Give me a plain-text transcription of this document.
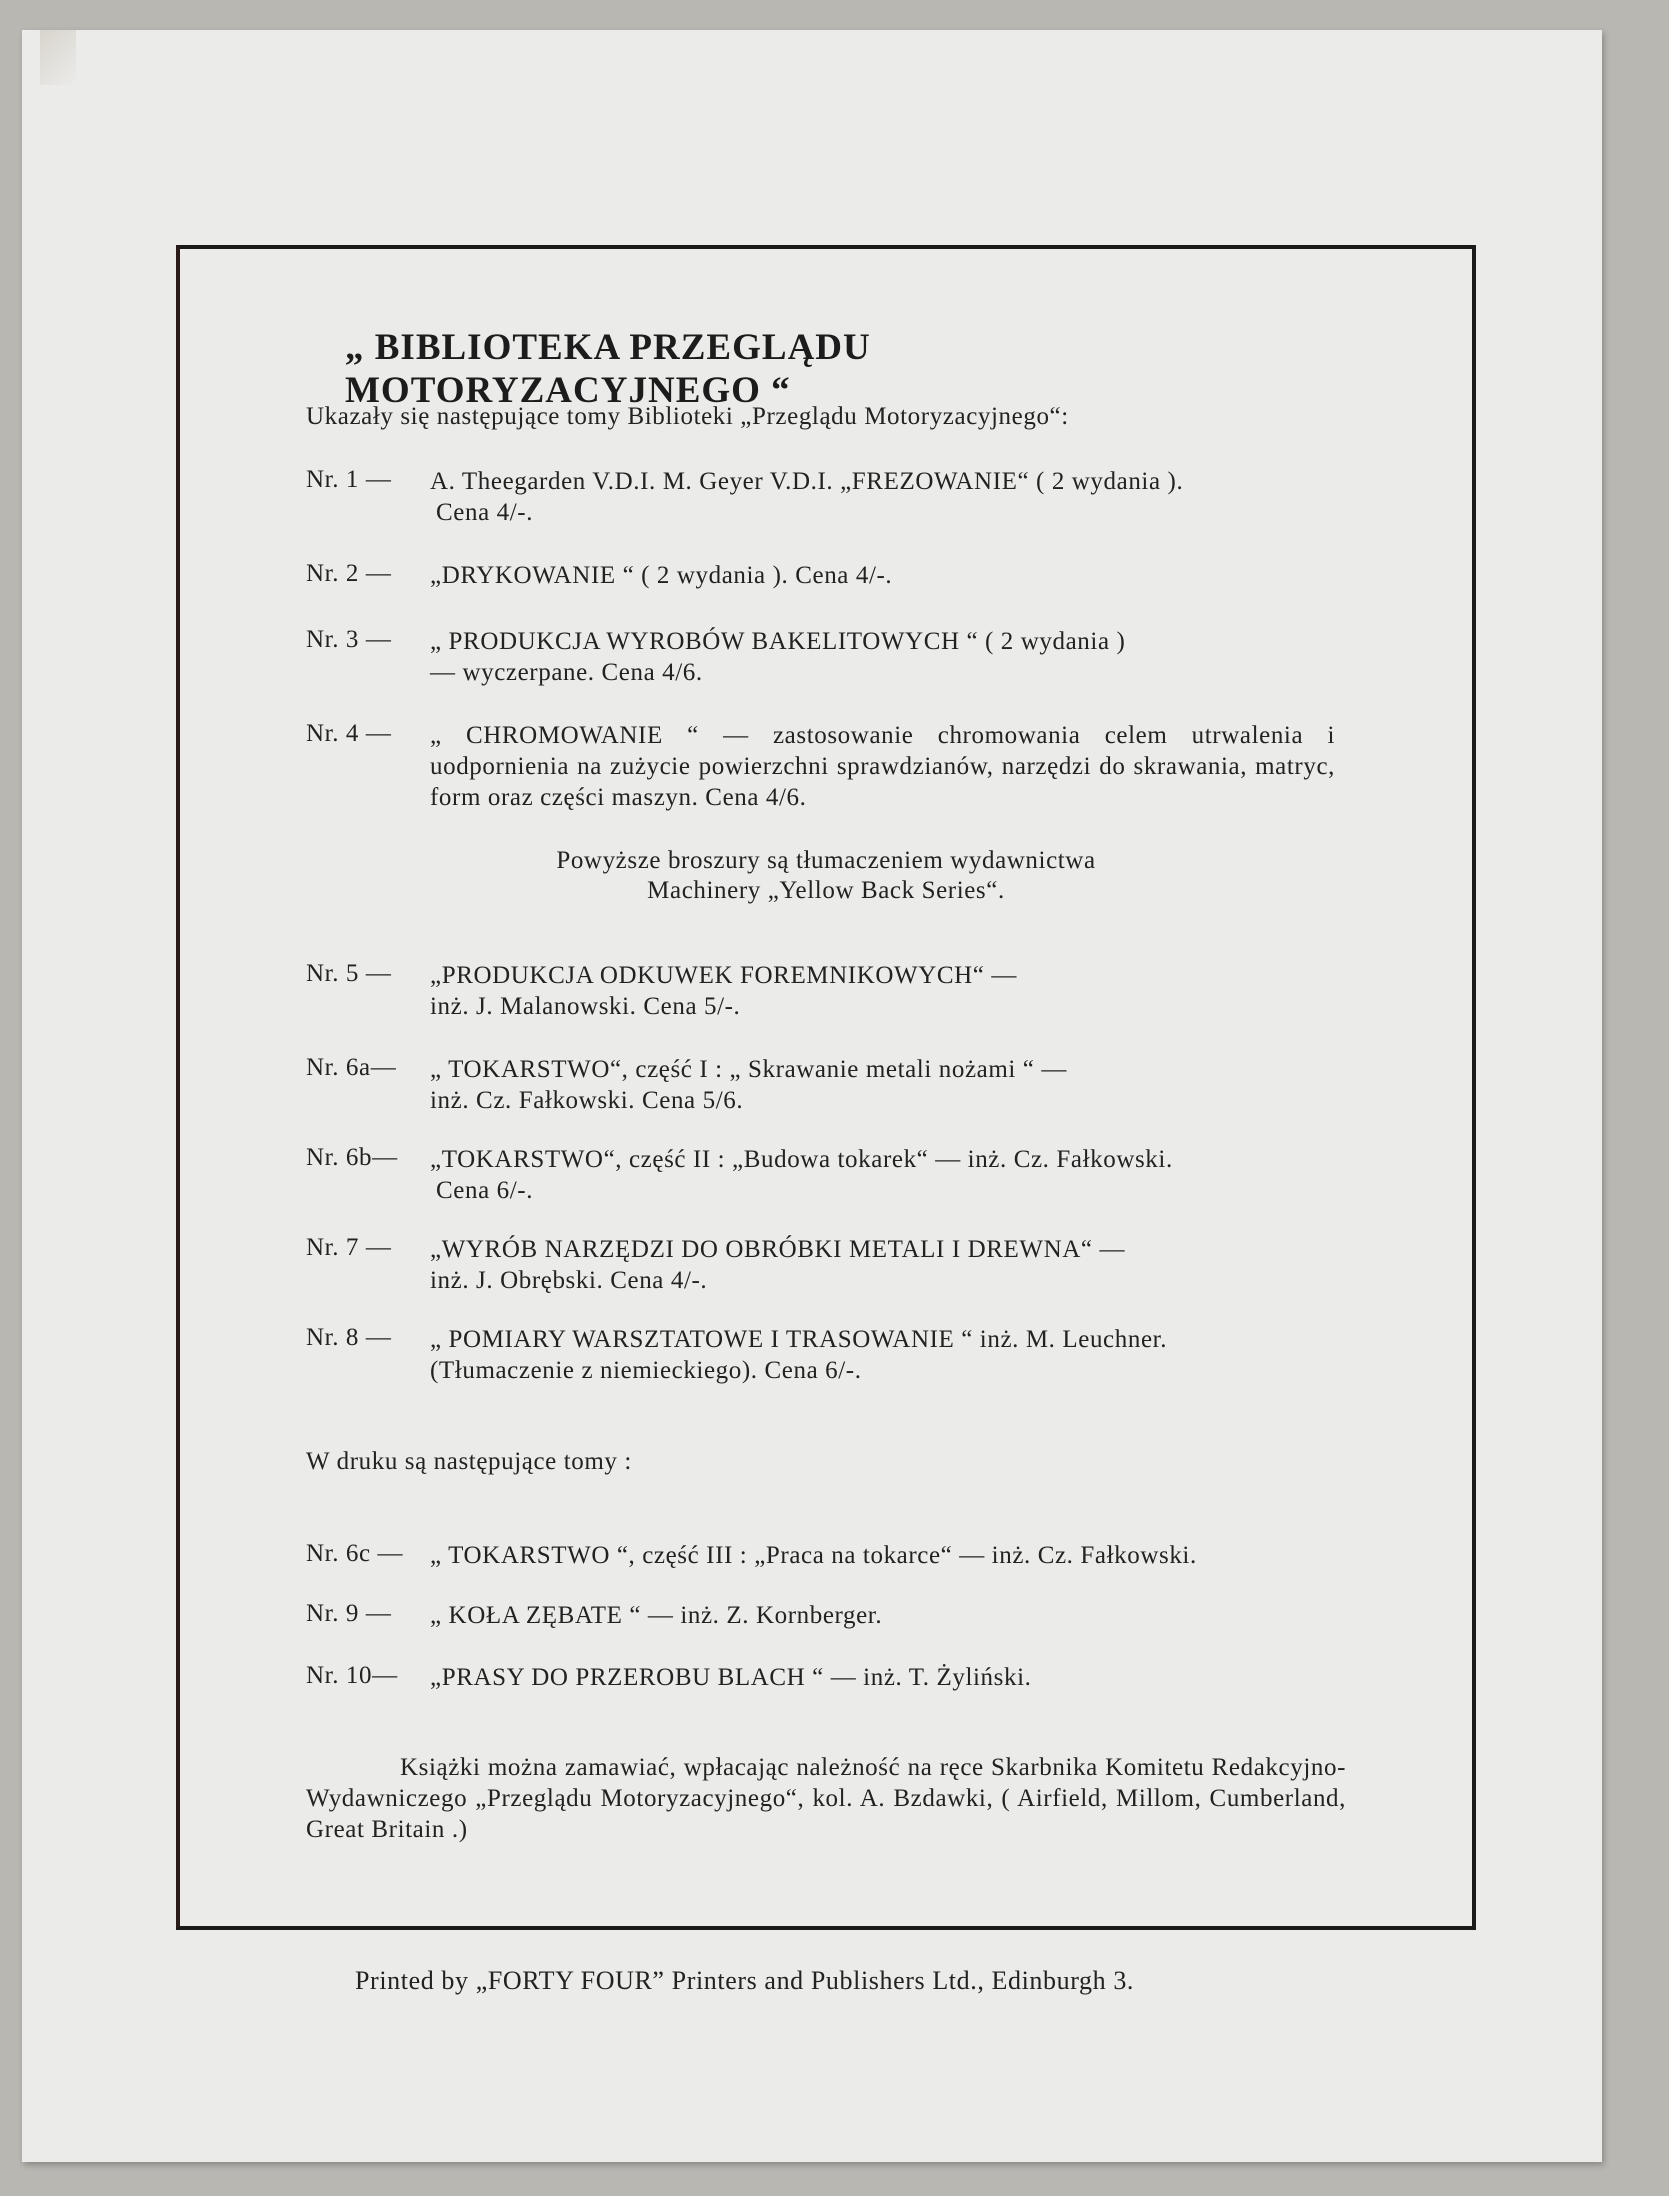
„ BIBLIOTEKA PRZEGLĄDU MOTORYZACYJNEGO “
Ukazały się następujące tomy Biblioteki „Przeglądu Motoryzacyjnego“:
Nr. 1 — A. Theegarden V.D.I. M. Geyer V.D.I. „FREZOWANIE“ ( 2 wydania ).
Cena 4/-.
Nr. 2 — „DRYKOWANIE “ ( 2 wydania ). Cena 4/-.
Nr. 3 — „ PRODUKCJA WYROBÓW BAKELITOWYCH “ ( 2 wydania )
— wyczerpane. Cena 4/6.
Nr. 4 — „ CHROMOWANIE “ — zastosowanie chromowania celem utrwalenia i uodpornienia na zużycie powierzchni sprawdzianów, narzędzi do skrawania, matryc, form oraz części maszyn. Cena 4/6.
Powyższe broszury są tłumaczeniem wydawnictwa
Machinery „Yellow Back Series“.
Nr. 5 — „PRODUKCJA ODKUWEK FOREMNIKOWYCH“ —
inż. J. Malanowski. Cena 5/-.
Nr. 6a— „ TOKARSTWO“, część I : „ Skrawanie metali nożami “ —
inż. Cz. Fałkowski. Cena 5/6.
Nr. 6b— „TOKARSTWO“, część II : „Budowa tokarek“ — inż. Cz. Fałkowski.
Cena 6/-.
Nr. 7 — „WYRÓB NARZĘDZI DO OBRÓBKI METALI I DREWNA“ —
inż. J. Obrębski. Cena 4/-.
Nr. 8 — „ POMIARY WARSZTATOWE I TRASOWANIE “ inż. M. Leuchner.
(Tłumaczenie z niemieckiego). Cena 6/-.
W druku są następujące tomy :
Nr. 6c — „ TOKARSTWO “, część III : „Praca na tokarce“ — inż. Cz. Fałkowski.
Nr. 9 — „ KOŁA ZĘBATE “ — inż. Z. Kornberger.
Nr. 10— „PRASY DO PRZEROBU BLACH “ — inż. T. Żyliński.
Książki można zamawiać, wpłacając należność na ręce Skarbnika Komitetu Redakcyjno-Wydawniczego „Przeglądu Motoryzacyjnego“, kol. A. Bzdawki, ( Airfield, Millom, Cumberland, Great Britain .)
Printed by „FORTY FOUR” Printers and Publishers Ltd., Edinburgh 3.
